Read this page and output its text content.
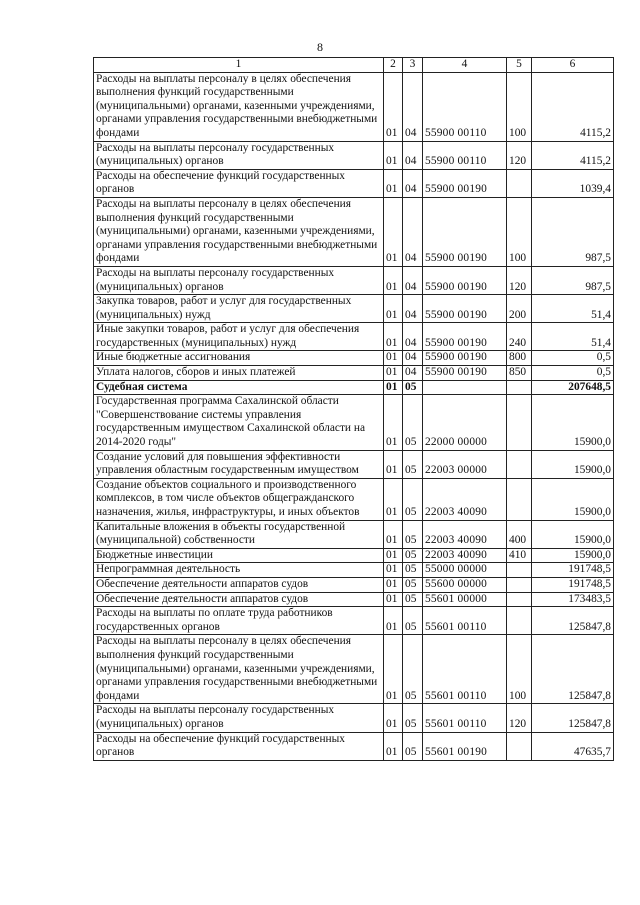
8
1	2	3	4	5	6
Расходы на выплаты персоналу в целях обеспечения выполнения функций государственными (муниципальными) органами, казенными учреждениями, органами управления государственными внебюджетными фондами	01	04	55900 00110	100	4115,2
Расходы на выплаты персоналу государственных (муниципальных) органов	01	04	55900 00110	120	4115,2
Расходы на обеспечение функций государственных органов	01	04	55900 00190		1039,4
Расходы на выплаты персоналу в целях обеспечения выполнения функций государственными (муниципальными) органами, казенными учреждениями, органами управления государственными внебюджетными фондами	01	04	55900 00190	100	987,5
Расходы на выплаты персоналу государственных (муниципальных) органов	01	04	55900 00190	120	987,5
Закупка товаров, работ и услуг для государственных (муниципальных) нужд	01	04	55900 00190	200	51,4
Иные закупки товаров, работ и услуг для обеспечения государственных (муниципальных) нужд	01	04	55900 00190	240	51,4
Иные бюджетные ассигнования	01	04	55900 00190	800	0,5
Уплата налогов, сборов и иных платежей	01	04	55900 00190	850	0,5
Судебная система	01	05			207648,5
Государственная программа Сахалинской области "Совершенствование системы управления государственным имуществом Сахалинской области на 2014-2020 годы"	01	05	22000 00000		15900,0
Создание условий для повышения эффективности управления областным государственным имуществом	01	05	22003 00000		15900,0
Создание объектов социального и производственного комплексов, в том числе объектов общегражданского назначения, жилья, инфраструктуры, и иных объектов	01	05	22003 40090		15900,0
Капитальные вложения в объекты государственной (муниципальной) собственности	01	05	22003 40090	400	15900,0
Бюджетные инвестиции	01	05	22003 40090	410	15900,0
Непрограммная деятельность	01	05	55000 00000		191748,5
Обеспечение деятельности аппаратов судов	01	05	55600 00000		191748,5
Обеспечение деятельности аппаратов судов	01	05	55601 00000		173483,5
Расходы на выплаты по оплате труда работников государственных органов	01	05	55601 00110		125847,8
Расходы на выплаты персоналу в целях обеспечения выполнения функций государственными (муниципальными) органами, казенными учреждениями, органами управления государственными внебюджетными фондами	01	05	55601 00110	100	125847,8
Расходы на выплаты персоналу государственных (муниципальных) органов	01	05	55601 00110	120	125847,8
Расходы на обеспечение функций государственных органов	01	05	55601 00190		47635,7
